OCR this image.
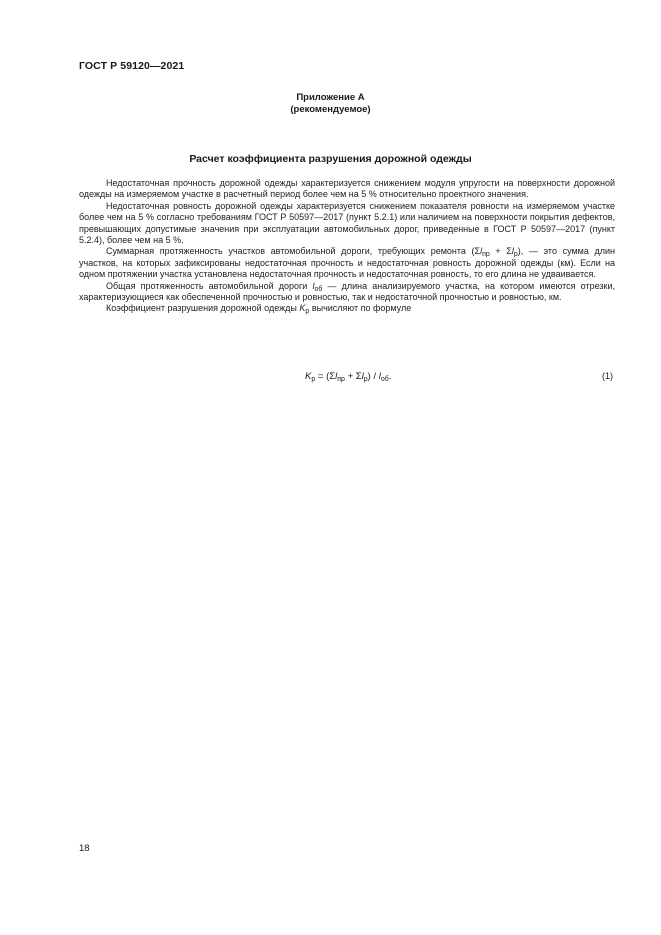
ГОСТ Р 59120—2021
Приложение А
(рекомендуемое)
Расчет коэффициента разрушения дорожной одежды

Недостаточная прочность дорожной одежды характеризуется снижением модуля упругости на поверхности дорожной одежды на измеряемом участке в расчетный период более чем на 5 % относительно проектного значения.

Недостаточная ровность дорожной одежды характеризуется снижением показателя ровности на измеряемом участке более чем на 5 % согласно требованиям ГОСТ Р 50597—2017 (пункт 5.2.1) или наличием на поверхности покрытия дефектов, превышающих допустимые значения при эксплуатации автомобильных дорог, приведенные в ГОСТ Р 50597—2017 (пункт 5.2.4), более чем на 5 %.

Суммарная протяженность участков автомобильной дороги, требующих ремонта $(\Sigma l_{пр} + \Sigma l_р)$, — это сумма длин участков, на которых зафиксированы недостаточная прочность и недостаточная ровность дорожной одежды (км). Если на одном протяжении участка установлена недостаточная прочность и недостаточная ровность, то его длина не удваивается.

Общая протяженность автомобильной дороги $l_{об}$ — длина анализируемого участка, на котором имеются отрезки, характеризующиеся как обеспеченной прочностью и ровностью, так и недостаточной прочностью и ровностью, км.

Коэффициент разрушения дорожной одежды $K_р$ вычисляют по формуле

$K_р = (\Sigma l_{пр} + \Sigma l_р) / l_{об}$.	(1)
18
